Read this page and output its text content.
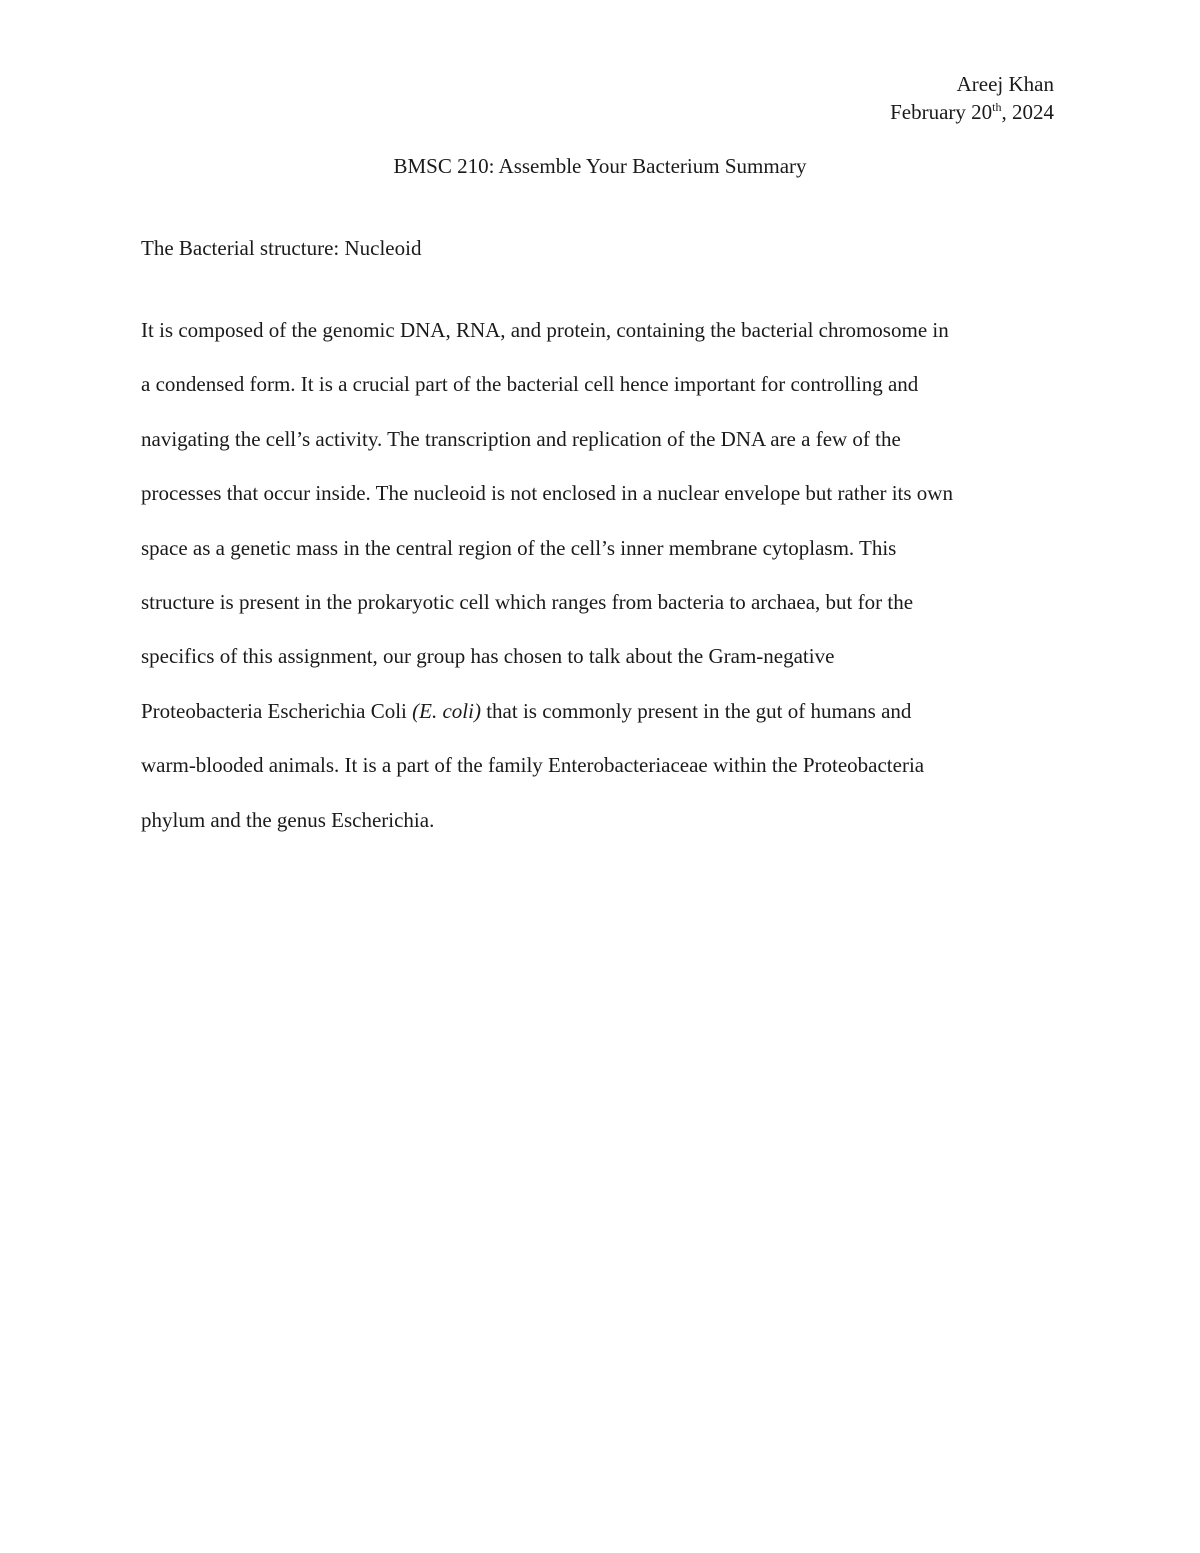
Areej Khan
February 20th, 2024
BMSC 210: Assemble Your Bacterium Summary
The Bacterial structure: Nucleoid
It is composed of the genomic DNA, RNA, and protein, containing the bacterial chromosome in
a condensed form. It is a crucial part of the bacterial cell hence important for controlling and
navigating the cell’s activity. The transcription and replication of the DNA are a few of the
processes that occur inside. The nucleoid is not enclosed in a nuclear envelope but rather its own
space as a genetic mass in the central region of the cell’s inner membrane cytoplasm. This
structure is present in the prokaryotic cell which ranges from bacteria to archaea, but for the
specifics of this assignment, our group has chosen to talk about the Gram-negative
Proteobacteria Escherichia Coli (E. coli) that is commonly present in the gut of humans and
warm-blooded animals. It is a part of the family Enterobacteriaceae within the Proteobacteria
phylum and the genus Escherichia.
